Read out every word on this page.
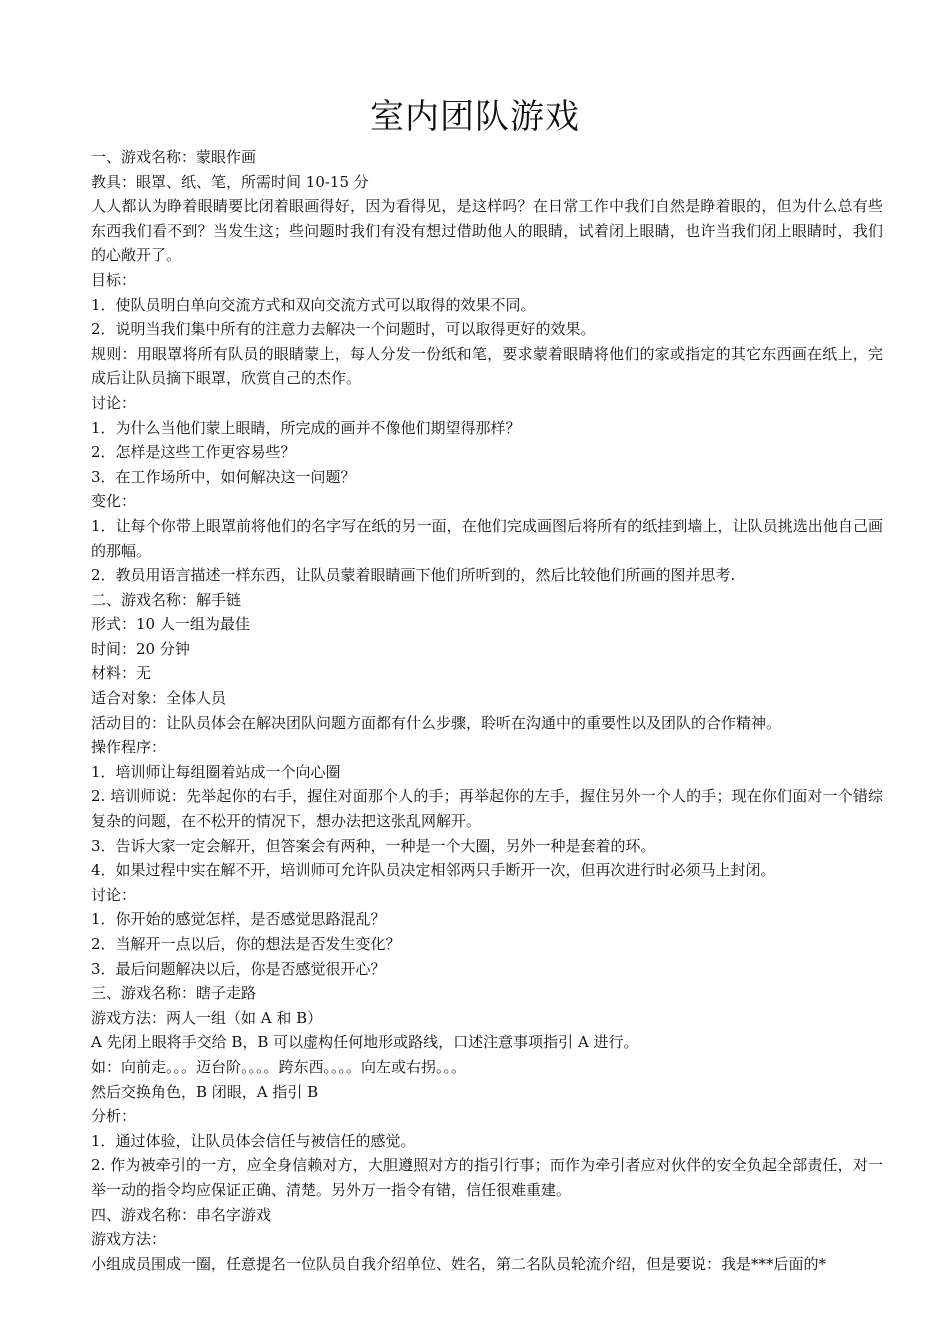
室内团队游戏

一、游戏名称：蒙眼作画

教具：眼罩、纸、笔，所需时间 10-15 分

人人都认为睁着眼睛要比闭着眼画得好，因为看得见，是这样吗？在日常工作中我们自然是睁着眼的，但为什么总有些东西我们看不到？当发生这；些问题时我们有没有想过借助他人的眼睛，试着闭上眼睛，也许当我们闭上眼睛时，我们的心敞开了。

目标：

1．使队员明白单向交流方式和双向交流方式可以取得的效果不同。

2．说明当我们集中所有的注意力去解决一个问题时，可以取得更好的效果。

规则：用眼罩将所有队员的眼睛蒙上，每人分发一份纸和笔，要求蒙着眼睛将他们的家或指定的其它东西画在纸上，完成后让队员摘下眼罩，欣赏自己的杰作。

讨论：

1．为什么当他们蒙上眼睛，所完成的画并不像他们期望得那样？

2．怎样是这些工作更容易些？

3．在工作场所中，如何解决这一问题？

变化：

1．让每个你带上眼罩前将他们的名字写在纸的另一面，在他们完成画图后将所有的纸挂到墙上，让队员挑选出他自己画的那幅。

2．教员用语言描述一样东西，让队员蒙着眼睛画下他们所听到的，然后比较他们所画的图并思考.

二、游戏名称：解手链

形式：10 人一组为最佳

时间：20 分钟

材料：无

适合对象：全体人员

活动目的：让队员体会在解决团队问题方面都有什么步骤，聆听在沟通中的重要性以及团队的合作精神。

操作程序：

1．培训师让每组圈着站成一个向心圈

2. 培训师说：先举起你的右手，握住对面那个人的手；再举起你的左手，握住另外一个人的手；现在你们面对一个错综复杂的问题，在不松开的情况下，想办法把这张乱网解开。

3．告诉大家一定会解开，但答案会有两种，一种是一个大圈，另外一种是套着的环。

4．如果过程中实在解不开，培训师可允许队员决定相邻两只手断开一次，但再次进行时必须马上封闭。

讨论：

1．你开始的感觉怎样，是否感觉思路混乱？

2．当解开一点以后，你的想法是否发生变化？

3．最后问题解决以后，你是否感觉很开心？

三、游戏名称：瞎子走路

游戏方法：两人一组（如 A 和 B）

A 先闭上眼将手交给 B，B 可以虚构任何地形或路线，口述注意事项指引 A 进行。

如：向前走。。。迈台阶。。。。跨东西。。。。向左或右拐。。。

然后交换角色，B 闭眼，A 指引 B

分析：

1．通过体验，让队员体会信任与被信任的感觉。

2. 作为被牵引的一方，应全身信赖对方，大胆遵照对方的指引行事；而作为牵引者应对伙伴的安全负起全部责任，对一举一动的指令均应保证正确、清楚。另外万一指令有错，信任很难重建。

四、游戏名称：串名字游戏

游戏方法：

小组成员围成一圈，任意提名一位队员自我介绍单位、姓名，第二名队员轮流介绍，但是要说：我是***后面的*
